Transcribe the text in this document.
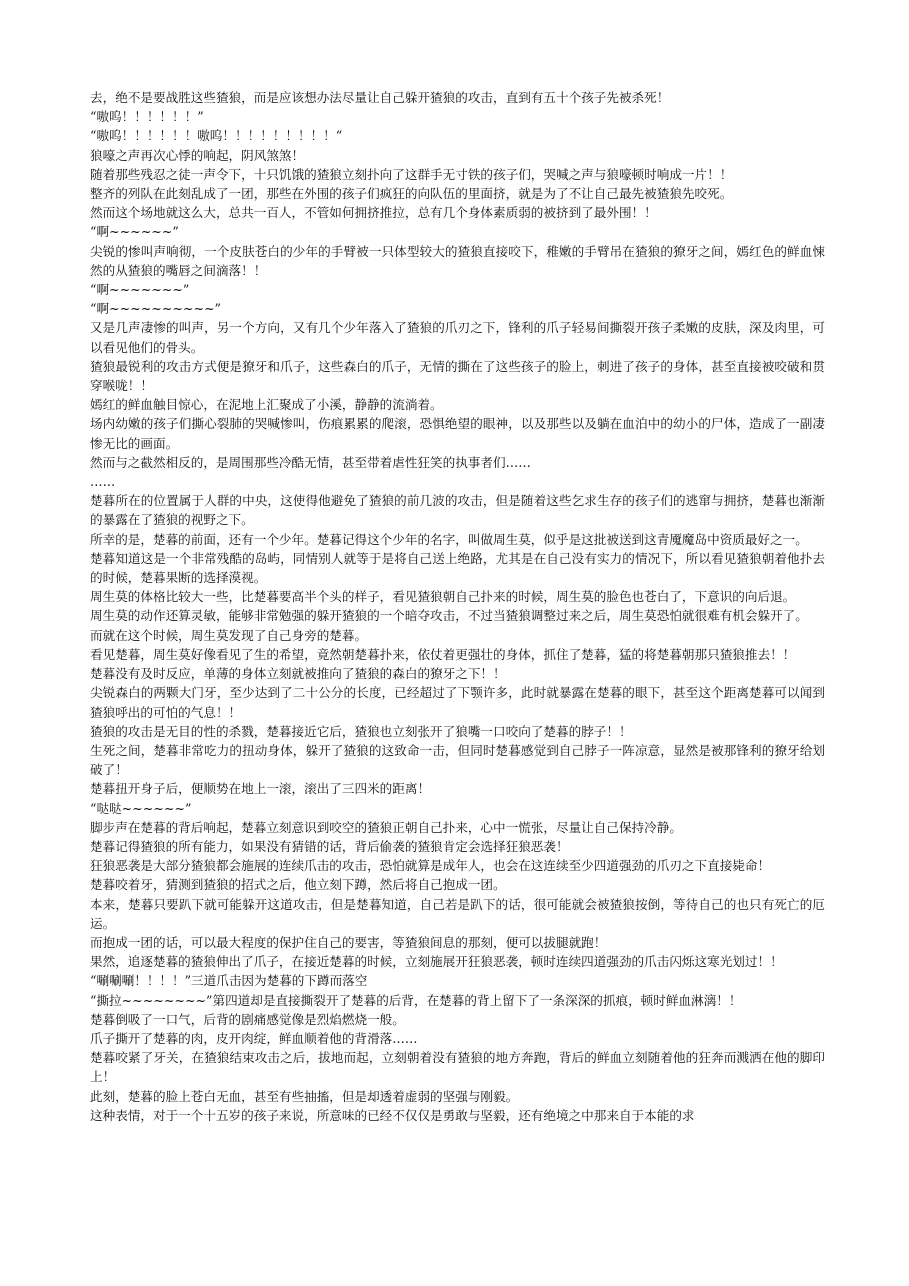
去，绝不是要战胜这些猹狼，而是应该想办法尽量让自己躲开猹狼的攻击，直到有五十个孩子先被杀死！

“嗷呜！！！！！！”

“嗷呜！！！！！！嗷呜！！！！！！！！！“

狼嚎之声再次心悸的响起，阴风煞煞！

随着那些残忍之徒一声令下，十只饥饿的猹狼立刻扑向了这群手无寸铁的孩子们，哭喊之声与狼嚎顿时响成一片！！

整齐的列队在此刻乱成了一团，那些在外围的孩子们疯狂的向队伍的里面挤，就是为了不让自己最先被猹狼先咬死。

然而这个场地就这么大，总共一百人，不管如何拥挤推拉，总有几个身体素质弱的被挤到了最外围！！

“啊~~~~~~”

尖锐的惨叫声响彻，一个皮肤苍白的少年的手臂被一只体型较大的猹狼直接咬下，稚嫩的手臂吊在猹狼的獠牙之间，嫣红色的鲜血悚然的从猹狼的嘴唇之间滴落！！

“啊~~~~~~~”

“啊~~~~~~~~~~”

又是几声凄惨的叫声，另一个方向，又有几个少年落入了猹狼的爪刃之下，锋利的爪子轻易间撕裂开孩子柔嫩的皮肤，深及肉里，可以看见他们的骨头。

猹狼最锐利的攻击方式便是獠牙和爪子，这些森白的爪子，无情的撕在了这些孩子的脸上，刺进了孩子的身体，甚至直接被咬破和贯穿喉咙！！

嫣红的鲜血触目惊心，在泥地上汇聚成了小溪，静静的流淌着。

场内幼嫩的孩子们撕心裂肺的哭喊惨叫，伤痕累累的爬滚，恐惧绝望的眼神，以及那些以及躺在血泊中的幼小的尸体，造成了一副凄惨无比的画面。

然而与之截然相反的，是周围那些冷酷无情，甚至带着虐性狂笑的执事者们……

……

楚暮所在的位置属于人群的中央，这使得他避免了猹狼的前几波的攻击，但是随着这些乞求生存的孩子们的逃窜与拥挤，楚暮也渐渐的暴露在了猹狼的视野之下。

所幸的是，楚暮的前面，还有一个少年。楚暮记得这个少年的名字，叫做周生莫，似乎是这批被送到这青魇魔岛中资质最好之一。

楚暮知道这是一个非常残酷的岛屿，同情别人就等于是将自己送上绝路，尤其是在自己没有实力的情况下，所以看见猹狼朝着他扑去的时候，楚暮果断的选择漠视。

周生莫的体格比较大一些，比楚暮要高半个头的样子，看见猹狼朝自己扑来的时候，周生莫的脸色也苍白了，下意识的向后退。

周生莫的动作还算灵敏，能够非常勉强的躲开猹狼的一个暗夺攻击，不过当猹狼调整过来之后，周生莫恐怕就很难有机会躲开了。

而就在这个时候，周生莫发现了自己身旁的楚暮。

看见楚暮，周生莫好像看见了生的希望，竟然朝楚暮扑来，依仗着更强壮的身体，抓住了楚暮，猛的将楚暮朝那只猹狼推去！！

楚暮没有及时反应，单薄的身体立刻就被推向了猹狼的森白的獠牙之下！！

尖锐森白的两颗大门牙，至少达到了二十公分的长度，已经超过了下颚许多，此时就暴露在楚暮的眼下，甚至这个距离楚暮可以闻到猹狼呼出的可怕的气息！！

猹狼的攻击是无目的性的杀戮，楚暮接近它后，猹狼也立刻张开了狼嘴一口咬向了楚暮的脖子！！

生死之间，楚暮非常吃力的扭动身体，躲开了猹狼的这致命一击，但同时楚暮感觉到自己脖子一阵凉意，显然是被那锋利的獠牙给划破了！

楚暮扭开身子后，便顺势在地上一滚，滚出了三四米的距离！

“哒哒~~~~~~”

脚步声在楚暮的背后响起，楚暮立刻意识到咬空的猹狼正朝自己扑来，心中一慌张，尽量让自己保持冷静。

楚暮记得猹狼的所有能力，如果没有猜错的话，背后偷袭的猹狼肯定会选择狂狼恶袭！

狂狼恶袭是大部分猹狼都会施展的连续爪击的攻击，恐怕就算是成年人，也会在这连续至少四道强劲的爪刃之下直接毙命！

楚暮咬着牙，猜测到猹狼的招式之后，他立刻下蹲，然后将自己抱成一团。

本来，楚暮只要趴下就可能躲开这道攻击，但是楚暮知道，自己若是趴下的话，很可能就会被猹狼按倒，等待自己的也只有死亡的厄运。

而抱成一团的话，可以最大程度的保护住自己的要害，等猹狼间息的那刻，便可以拔腿就跑！

果然，追逐楚暮的猹狼伸出了爪子，在接近楚暮的时候，立刻施展开狂狼恶袭，顿时连续四道强劲的爪击闪烁这寒光划过！！

“唰唰唰！！！！”三道爪击因为楚暮的下蹲而落空

“撕拉~~~~~~~~”第四道却是直接撕裂开了楚暮的后背，在楚暮的背上留下了一条深深的抓痕，顿时鲜血淋漓！！

楚暮倒吸了一口气，后背的剧痛感觉像是烈焰燃烧一般。

爪子撕开了楚暮的肉，皮开肉绽，鲜血顺着他的背滑落……

楚暮咬紧了牙关，在猹狼结束攻击之后，拔地而起，立刻朝着没有猹狼的地方奔跑，背后的鲜血立刻随着他的狂奔而溅洒在他的脚印上！

此刻，楚暮的脸上苍白无血，甚至有些抽搐，但是却透着虚弱的坚强与刚毅。

这种表情，对于一个十五岁的孩子来说，所意味的已经不仅仅是勇敢与坚毅，还有绝境之中那来自于本能的求
